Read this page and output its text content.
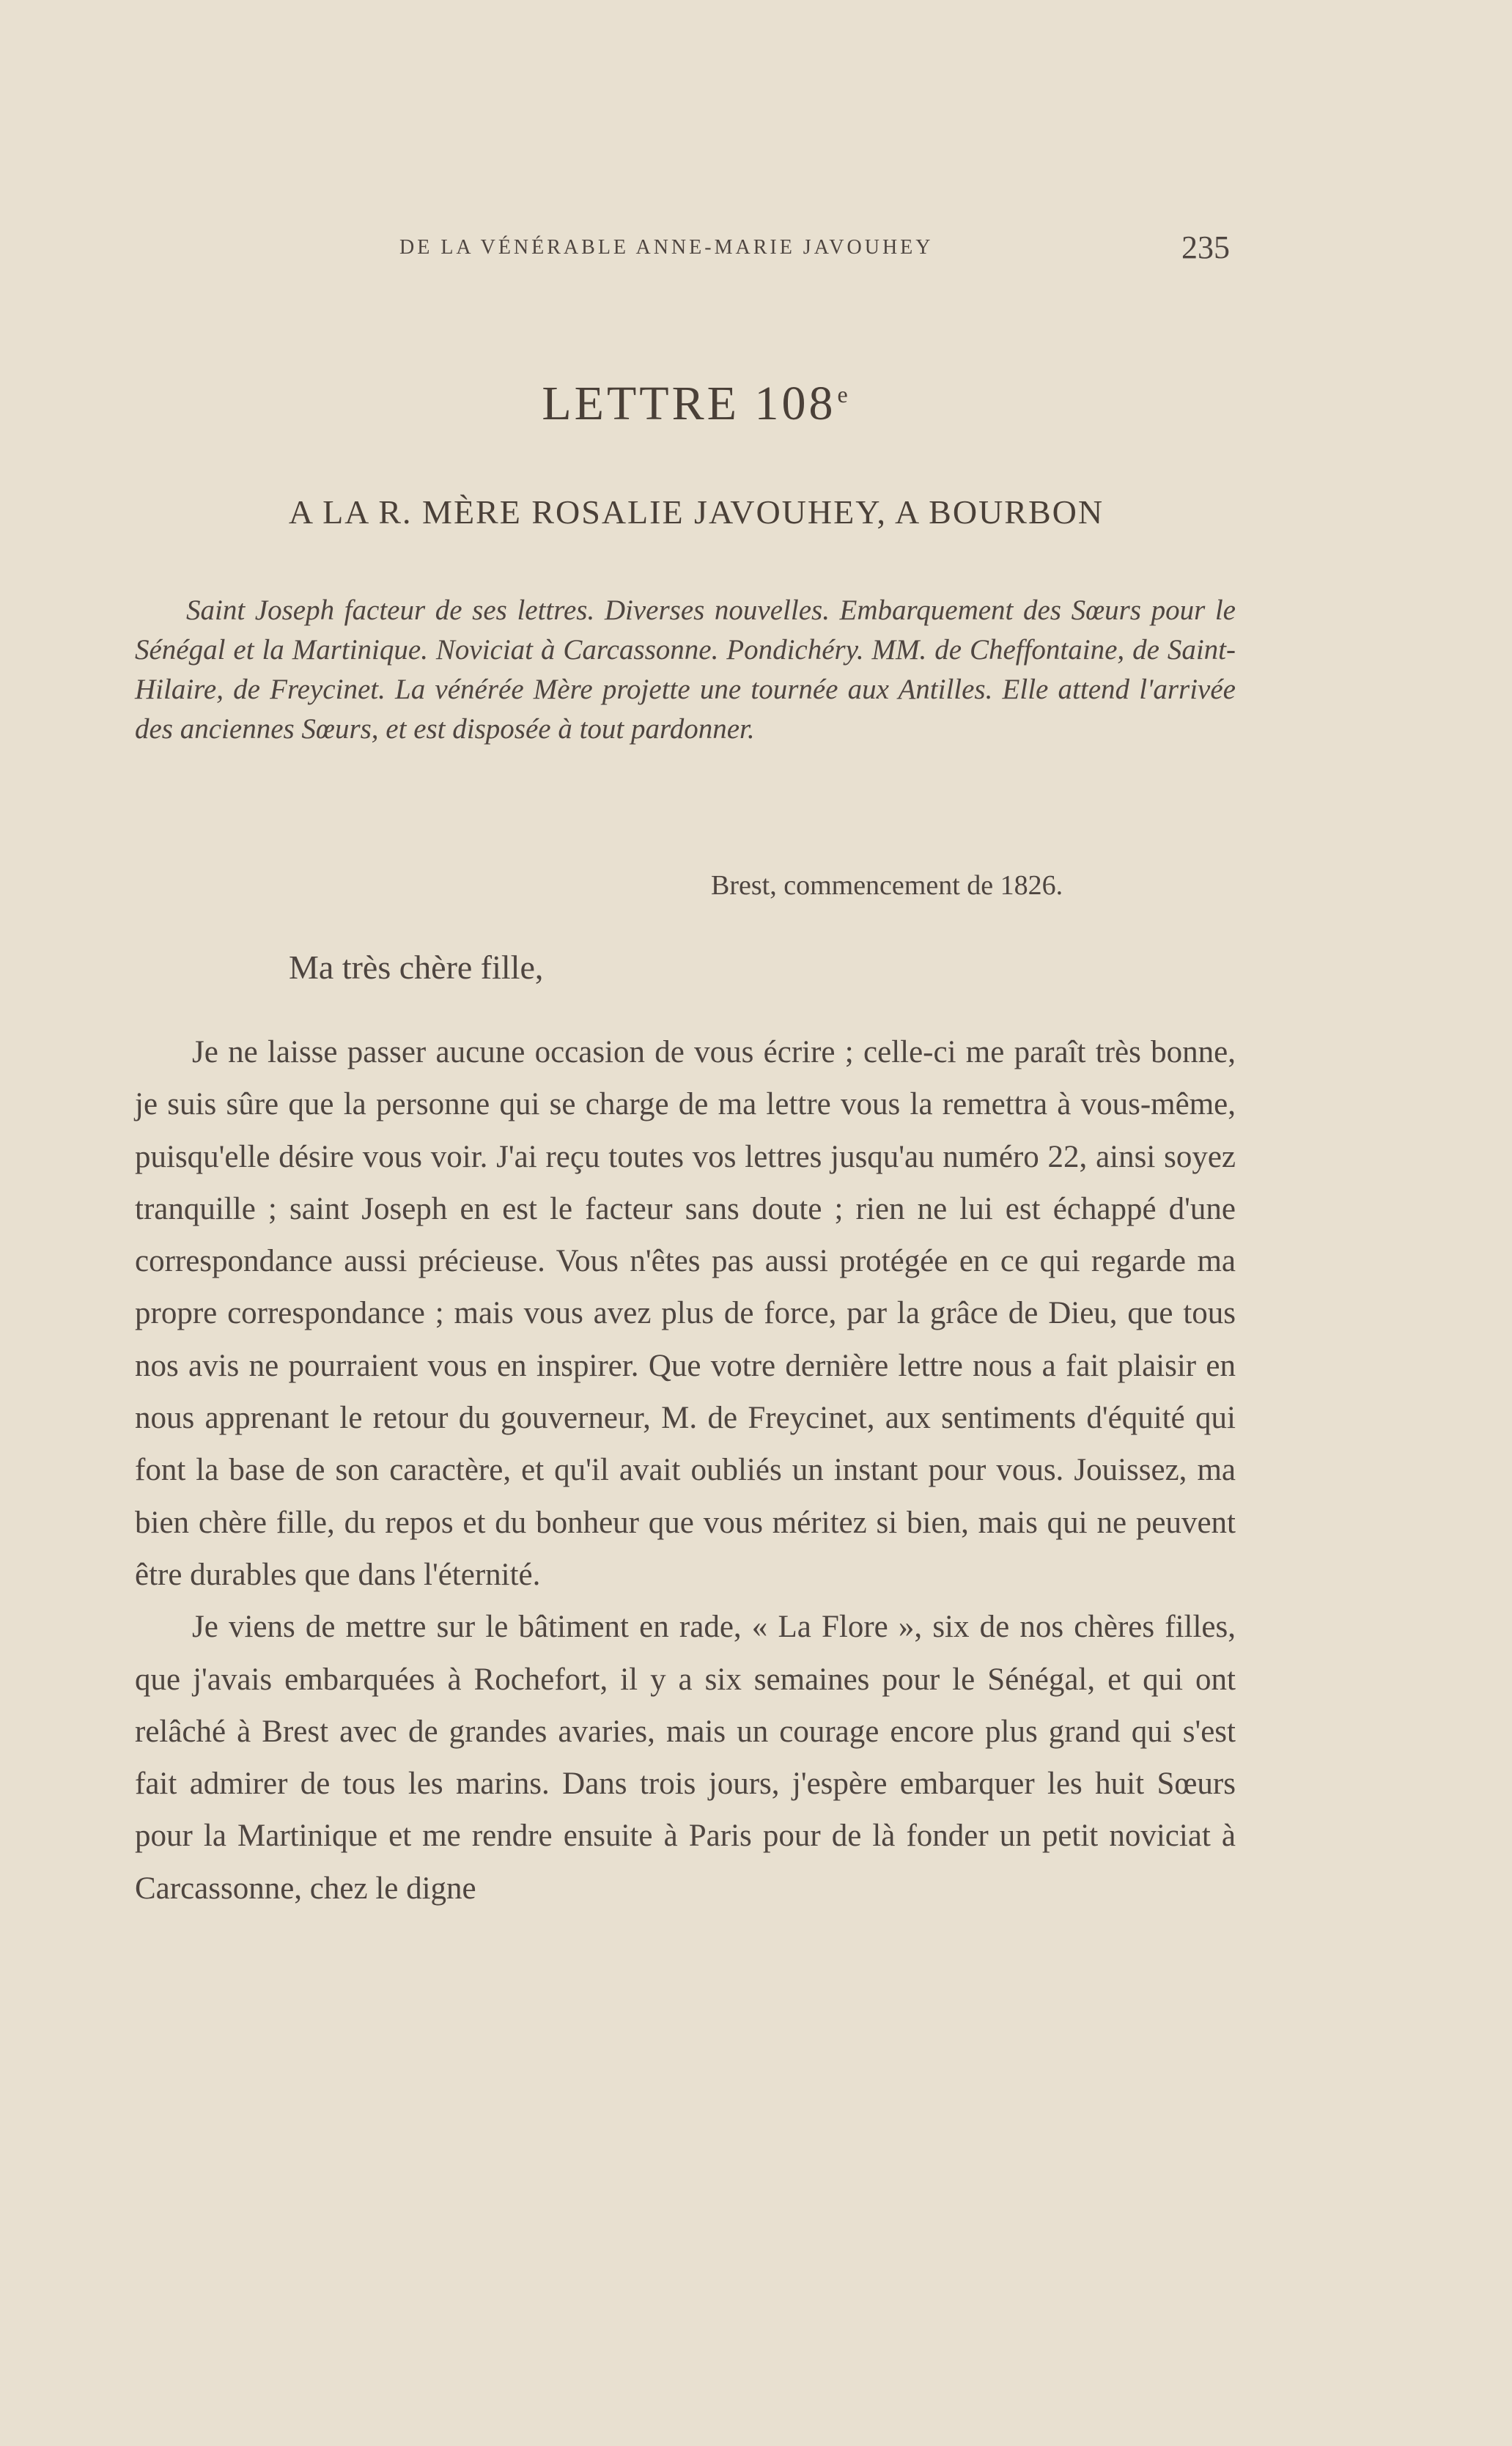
DE LA VÉNÉRABLE ANNE-MARIE JAVOUHEY	235
LETTRE 108e
A LA R. MÈRE ROSALIE JAVOUHEY, A BOURBON
Saint Joseph facteur de ses lettres. Diverses nouvelles. Embarquement des Sœurs pour le Sénégal et la Martinique. Noviciat à Carcassonne. Pondichéry. MM. de Cheffontaine, de Saint-Hilaire, de Freycinet. La vénérée Mère projette une tournée aux Antilles. Elle attend l'arrivée des anciennes Sœurs, et est disposée à tout pardonner.
Brest, commencement de 1826.
Ma très chère fille,

Je ne laisse passer aucune occasion de vous écrire ; celle-ci me paraît très bonne, je suis sûre que la personne qui se charge de ma lettre vous la remettra à vous-même, puisqu'elle désire vous voir. J'ai reçu toutes vos lettres jusqu'au numéro 22, ainsi soyez tranquille ; saint Joseph en est le facteur sans doute ; rien ne lui est échappé d'une correspondance aussi précieuse. Vous n'êtes pas aussi protégée en ce qui regarde ma propre correspondance ; mais vous avez plus de force, par la grâce de Dieu, que tous nos avis ne pourraient vous en inspirer. Que votre dernière lettre nous a fait plaisir en nous apprenant le retour du gouverneur, M. de Freycinet, aux sentiments d'équité qui font la base de son caractère, et qu'il avait oubliés un instant pour vous. Jouissez, ma bien chère fille, du repos et du bonheur que vous méritez si bien, mais qui ne peuvent être durables que dans l'éternité.

Je viens de mettre sur le bâtiment en rade, « La Flore », six de nos chères filles, que j'avais embarquées à Rochefort, il y a six semaines pour le Sénégal, et qui ont relâché à Brest avec de grandes avaries, mais un courage encore plus grand qui s'est fait admirer de tous les marins. Dans trois jours, j'espère embarquer les huit Sœurs pour la Martinique et me rendre ensuite à Paris pour de là fonder un petit noviciat à Carcassonne, chez le digne
